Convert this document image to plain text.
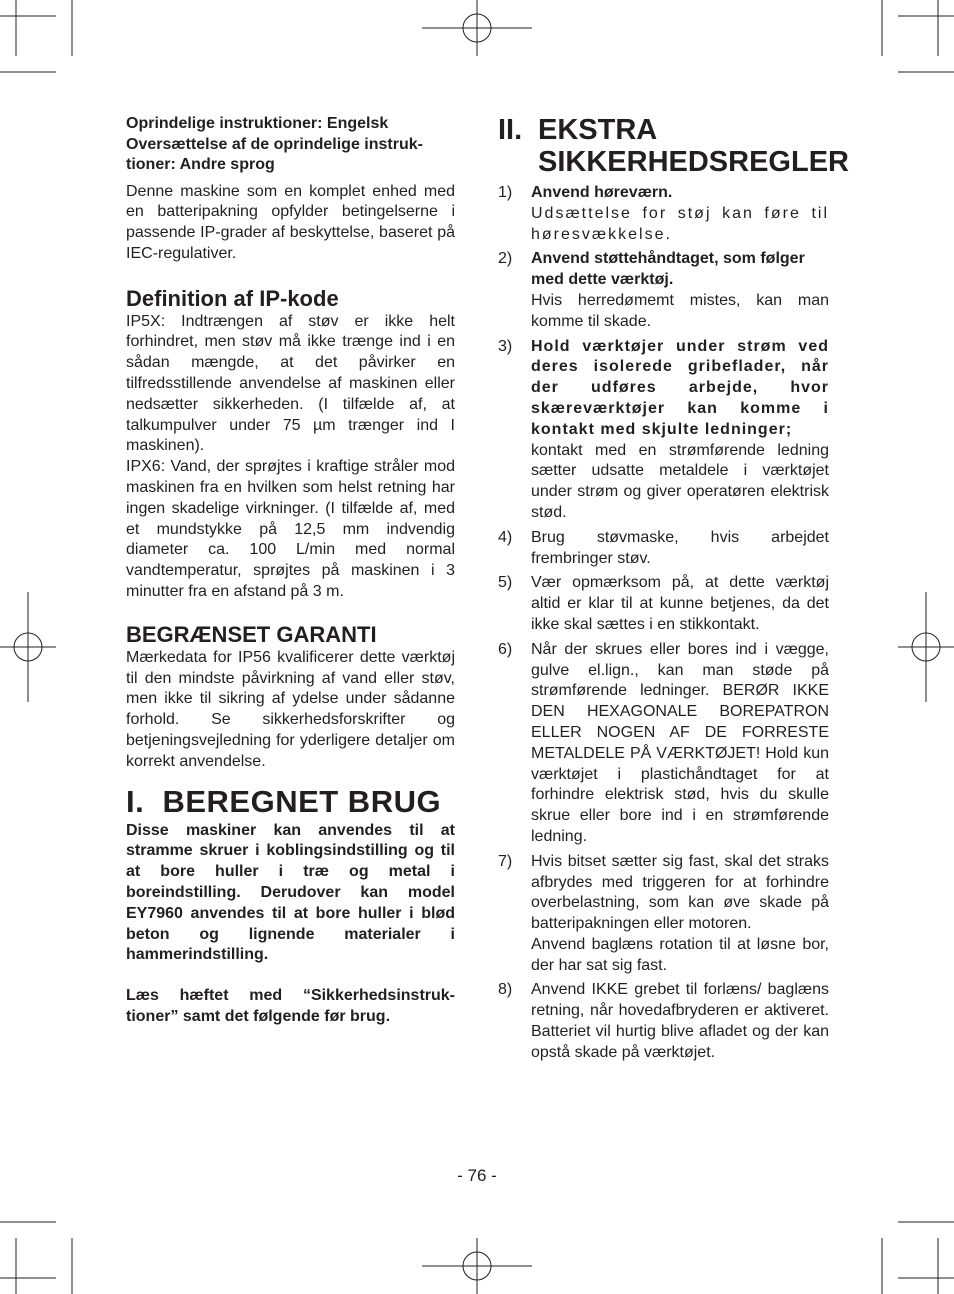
Oprindelige instruktioner: Engelsk
Oversættelse af de oprindelige instruk-
tioner: Andre sprog

Denne maskine som en komplet enhed med en batteripakning opfylder betingelserne i passende IP-grader af beskyttelse, baseret på IEC-regulativer.

Definition af IP-kode

IP5X: Indtrængen af støv er ikke helt forhindret, men støv må ikke trænge ind i en sådan mængde, at det påvirker en tilfredsstillende anvendelse af maskinen eller nedsætter sikkerheden. (I tilfælde af, at talkumpulver under 75 µm trænger ind I maskinen).

IPX6: Vand, der sprøjtes i kraftige stråler mod maskinen fra en hvilken som helst retning har ingen skadelige virkninger. (I tilfælde af, med et mundstykke på 12,5 mm indvendig diameter ca. 100 L/min med normal vandtemperatur, sprøjtes på maskinen i 3 minutter fra en afstand på 3 m.

BEGRÆNSET GARANTI

Mærkedata for IP56 kvalificerer dette værktøj til den mindste påvirkning af vand eller støv, men ikke til sikring af ydelse under sådanne forhold. Se sikkerhedsforskrifter og betjeningsvejledning for yderligere detaljer om korrekt anvendelse.

I.  BEREGNET BRUG

Disse maskiner kan anvendes til at stramme skruer i koblingsindstilling og til at bore huller i træ og metal i boreindstilling. Derudover kan model EY7960 anvendes til at bore huller i blød beton og lignende materialer i hammerindstilling.

Læs hæftet med “Sikkerhedsinstruk-tioner” samt det følgende før brug.

II. EKSTRA
SIKKERHEDSREGLER
1)	Anvend høreværn.

Udsættelse for støj kan føre til høresvækkelse.

2)	Anvend støttehåndtaget, som følger med dette værktøj.

Hvis herredømemt mistes, kan man komme til skade.

3)	Hold værktøjer under strøm ved deres isolerede gribeflader, når der udføres arbejde, hvor skæreværktøjer kan komme i kontakt med skjulte ledninger;

kontakt med en strømførende ledning sætter udsatte metaldele i værktøjet under strøm og giver operatøren elektrisk stød.

4)	Brug støvmaske, hvis arbejdet frembringer støv.

5)	Vær opmærksom på, at dette værktøj altid er klar til at kunne betjenes, da det ikke skal sættes i en stikkontakt.

6)	Når der skrues eller bores ind i vægge, gulve el.lign., kan man støde på strømførende ledninger. BERØR IKKE DEN HEXAGONALE BOREPATRON ELLER NOGEN AF DE FORRESTE METALDELE PÅ VÆRKTØJET! Hold kun værktøjet i plastichåndtaget for at forhindre elektrisk stød, hvis du skulle skrue eller bore ind i en strømførende ledning.

7)	Hvis bitset sætter sig fast, skal det straks afbrydes med triggeren for at forhindre overbelastning, som kan øve skade på batteripakningen eller motoren.

Anvend baglæns rotation til at løsne bor, der har sat sig fast.

8)	Anvend IKKE grebet til forlæns/ baglæns retning, når hovedafbryderen er aktiveret. Batteriet vil hurtig blive afladet og der kan opstå skade på værktøjet.

- 76 -
